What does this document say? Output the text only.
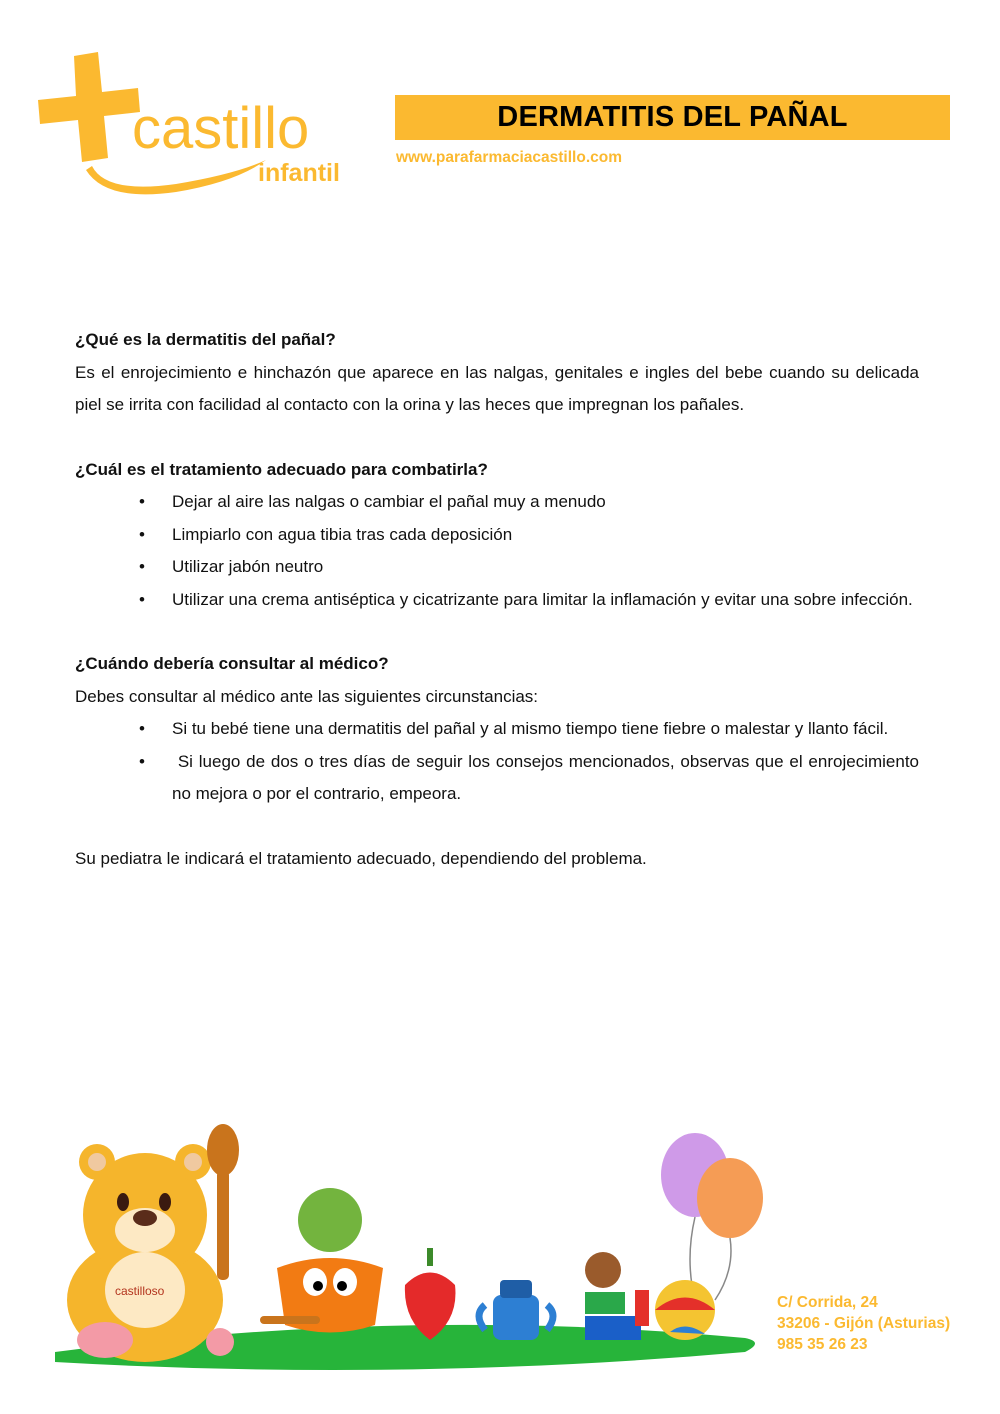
castillo
infantil
DERMATITIS DEL PAÑAL
www.parafarmaciacastillo.com

¿Qué es la dermatitis del pañal?

Es el enrojecimiento e hinchazón que aparece en las nalgas, genitales e ingles del bebe cuando su delicada piel se irrita con facilidad al contacto con la orina y las heces que impregnan los pañales.

¿Cuál es el tratamiento adecuado para combatirla?

• Dejar al aire las nalgas o cambiar el pañal muy a menudo
• Limpiarlo con agua tibia tras cada deposición
• Utilizar jabón neutro
• Utilizar una crema antiséptica y cicatrizante para limitar la inflamación y evitar una sobre infección.

¿Cuándo debería consultar al médico?

Debes consultar al médico ante las siguientes circunstancias:

• Si tu bebé tiene una dermatitis del pañal y al mismo tiempo tiene fiebre o malestar y llanto fácil.
• Si luego de dos o tres días de seguir los consejos mencionados, observas que el enrojecimiento no mejora o por el contrario, empeora.

Su pediatra le indicará el tratamiento adecuado, dependiendo del problema.

castilloso
C/ Corrida, 24
33206 - Gijón (Asturias)
985 35 26 23
